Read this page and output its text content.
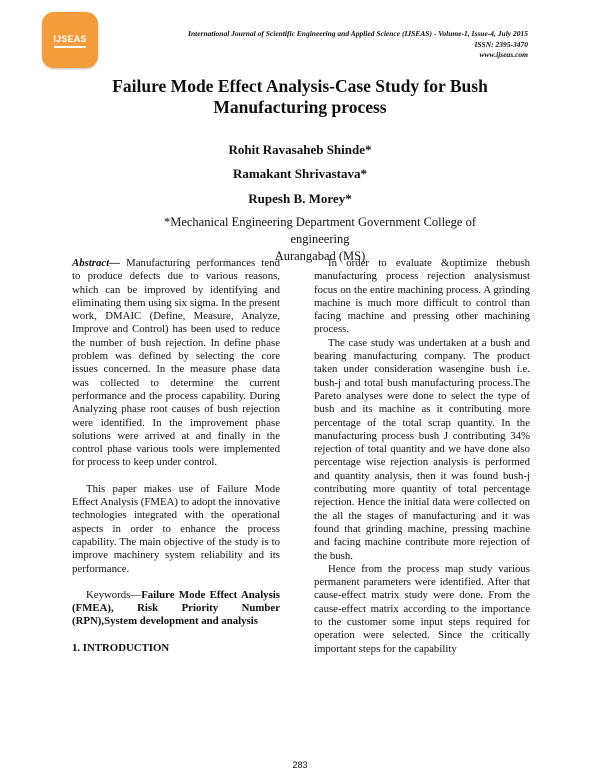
IJSEAS
International Journal of Scientific Engineering and Applied Science (IJSEAS) - Volume-1, Issue-4, July 2015
ISSN: 2395-3470
www.ijseas.com
Failure Mode Effect Analysis-Case Study for Bush
Manufacturing process
Rohit Ravasaheb Shinde*
Ramakant Shrivastava*
Rupesh B. Morey*
*Mechanical Engineering Department Government College of engineering
Aurangabad (MS)

Abstract— Manufacturing performances tend to produce defects due to various reasons, which can be improved by identifying and eliminating them using six sigma. In the present work, DMAIC (Define, Measure, Analyze, Improve and Control) has been used to reduce the number of bush rejection. In define phase problem was defined by selecting the core issues concerned. In the measure phase data was collected to determine the current performance and the process capability. During Analyzing phase root causes of bush rejection were identified. In the improvement phase solutions were arrived at and finally in the control phase various tools were implemented for process to keep under control.

This paper makes use of Failure Mode Effect Analysis (FMEA) to adopt the innovative technologies integrated with the operational aspects in order to enhance the process capability. The main objective of the study is to improve machinery system reliability and its performance.

Keywords—Failure Mode Effect Analysis (FMEA), Risk Priority Number (RPN),System development and analysis

1. INTRODUCTION

In order to evaluate &optimize thebush manufacturing process rejection analysismust focus on the entire machining process. A grinding machine is much more difficult to control than facing machine and pressing other machining process.

The case study was undertaken at a bush and bearing manufacturing company. The product taken under consideration wasengine bush i.e. bush-j and total bush manufacturing process.The Pareto analyses were done to select the type of bush and its machine as it contributing more percentage of the total scrap quantity. In the manufacturing process bush J contributing 34% rejection of total quantity and we have done also percentage wise rejection analysis is performed and quantity analysis, then it was found bush-j contributing more quantity of total percentage rejection. Hence the initial data were collected on the all the stages of manufacturing and it was found that grinding machine, pressing machine and facing machine contribute more rejection of the bush.

Hence from the process map study various permanent parameters were identified. After that cause-effect matrix study were done. From the cause-effect matrix according to the importance to the customer some input steps required for operation were selected. Since the critically important steps for the capability

283
